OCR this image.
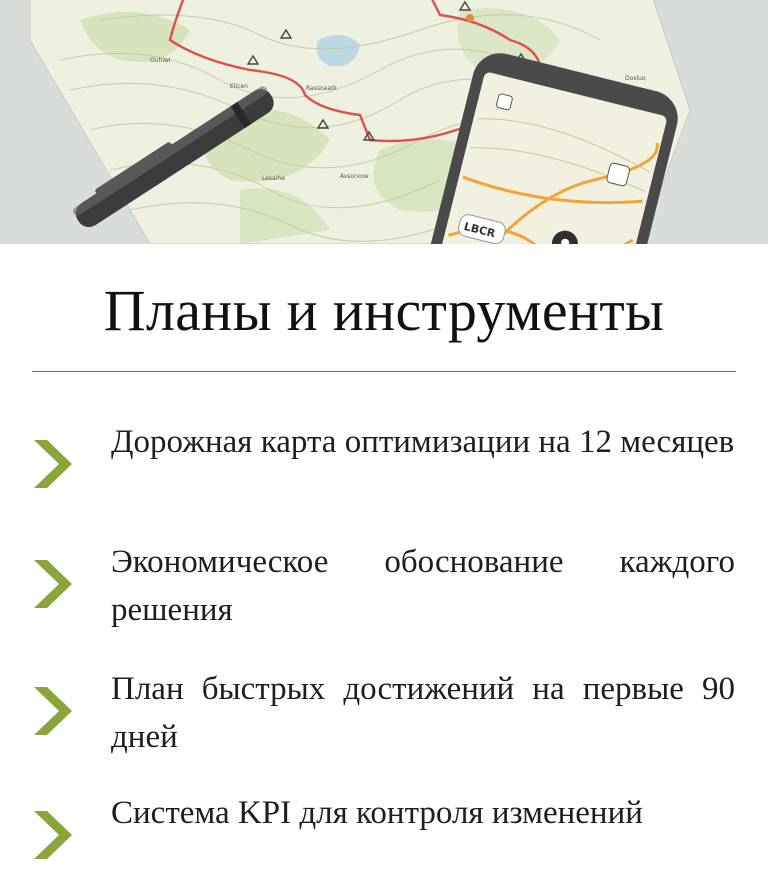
Ouhiwi
Elicen	Rassoaatk
Avsorvow
Lesaihe
Dosluo
LBCR
Планы и инструменты
Дорожная карта оптимизации на 12 месяцев
Экономическое обоснование каждого решения
План быстрых достижений на первые 90 дней
Система KPI для контроля изменений
